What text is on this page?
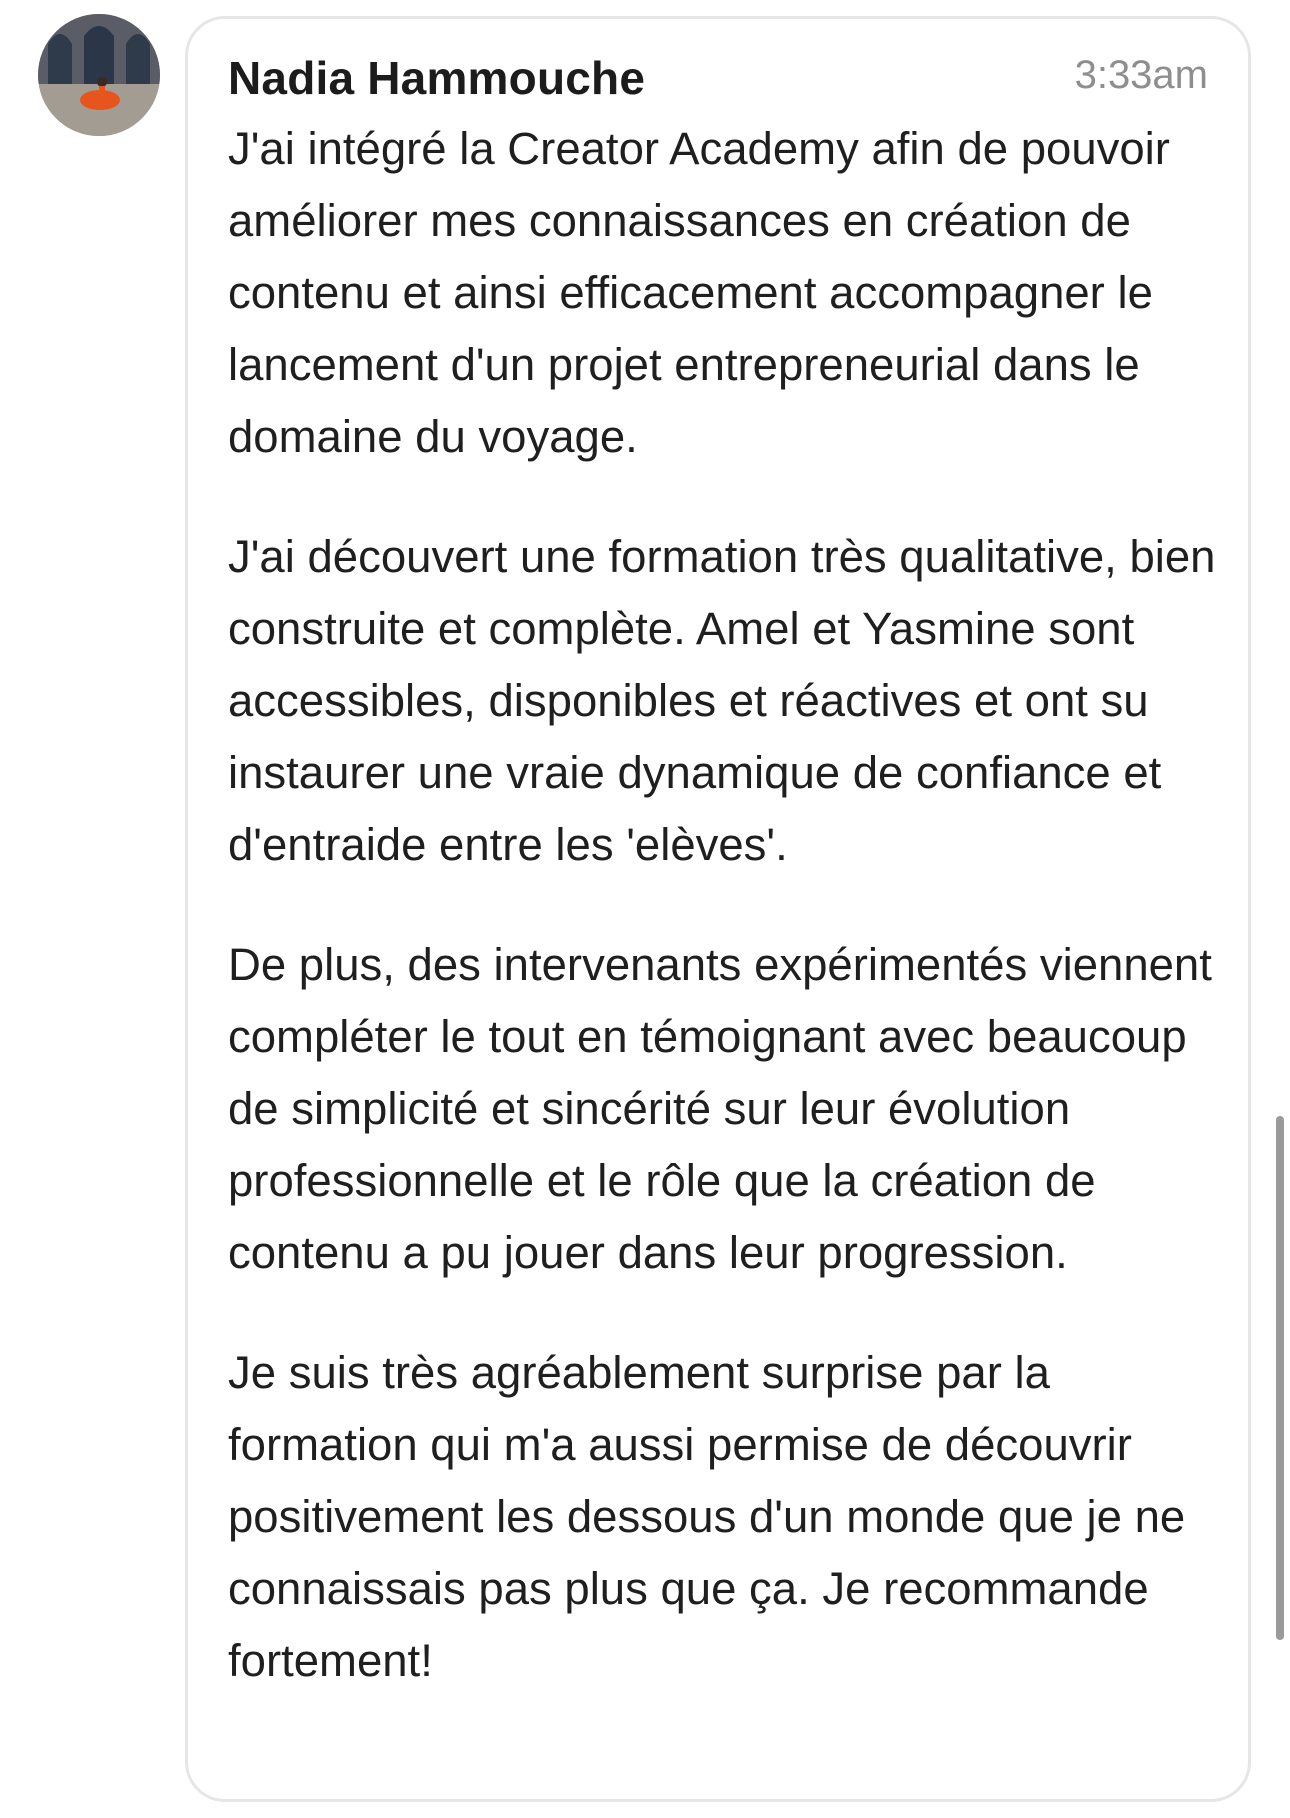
Nadia Hammouche	3:33am

J'ai intégré la Creator Academy afin de pouvoir améliorer mes connaissances en création de contenu et ainsi efficacement accompagner le lancement d'un projet entrepreneurial dans le domaine du voyage.

J'ai découvert une formation très qualitative, bien construite et complète. Amel et Yasmine sont accessibles, disponibles et réactives et ont su instaurer une vraie dynamique de confiance et d'entraide entre les 'elèves'.

De plus, des intervenants expérimentés viennent compléter le tout en témoignant avec beaucoup de simplicité et sincérité sur leur évolution professionnelle et le rôle que la création de contenu a pu jouer dans leur progression.

Je suis très agréablement surprise par la formation qui m'a aussi permise de découvrir positivement les dessous d'un monde que je ne connaissais pas plus que ça. Je recommande fortement!
